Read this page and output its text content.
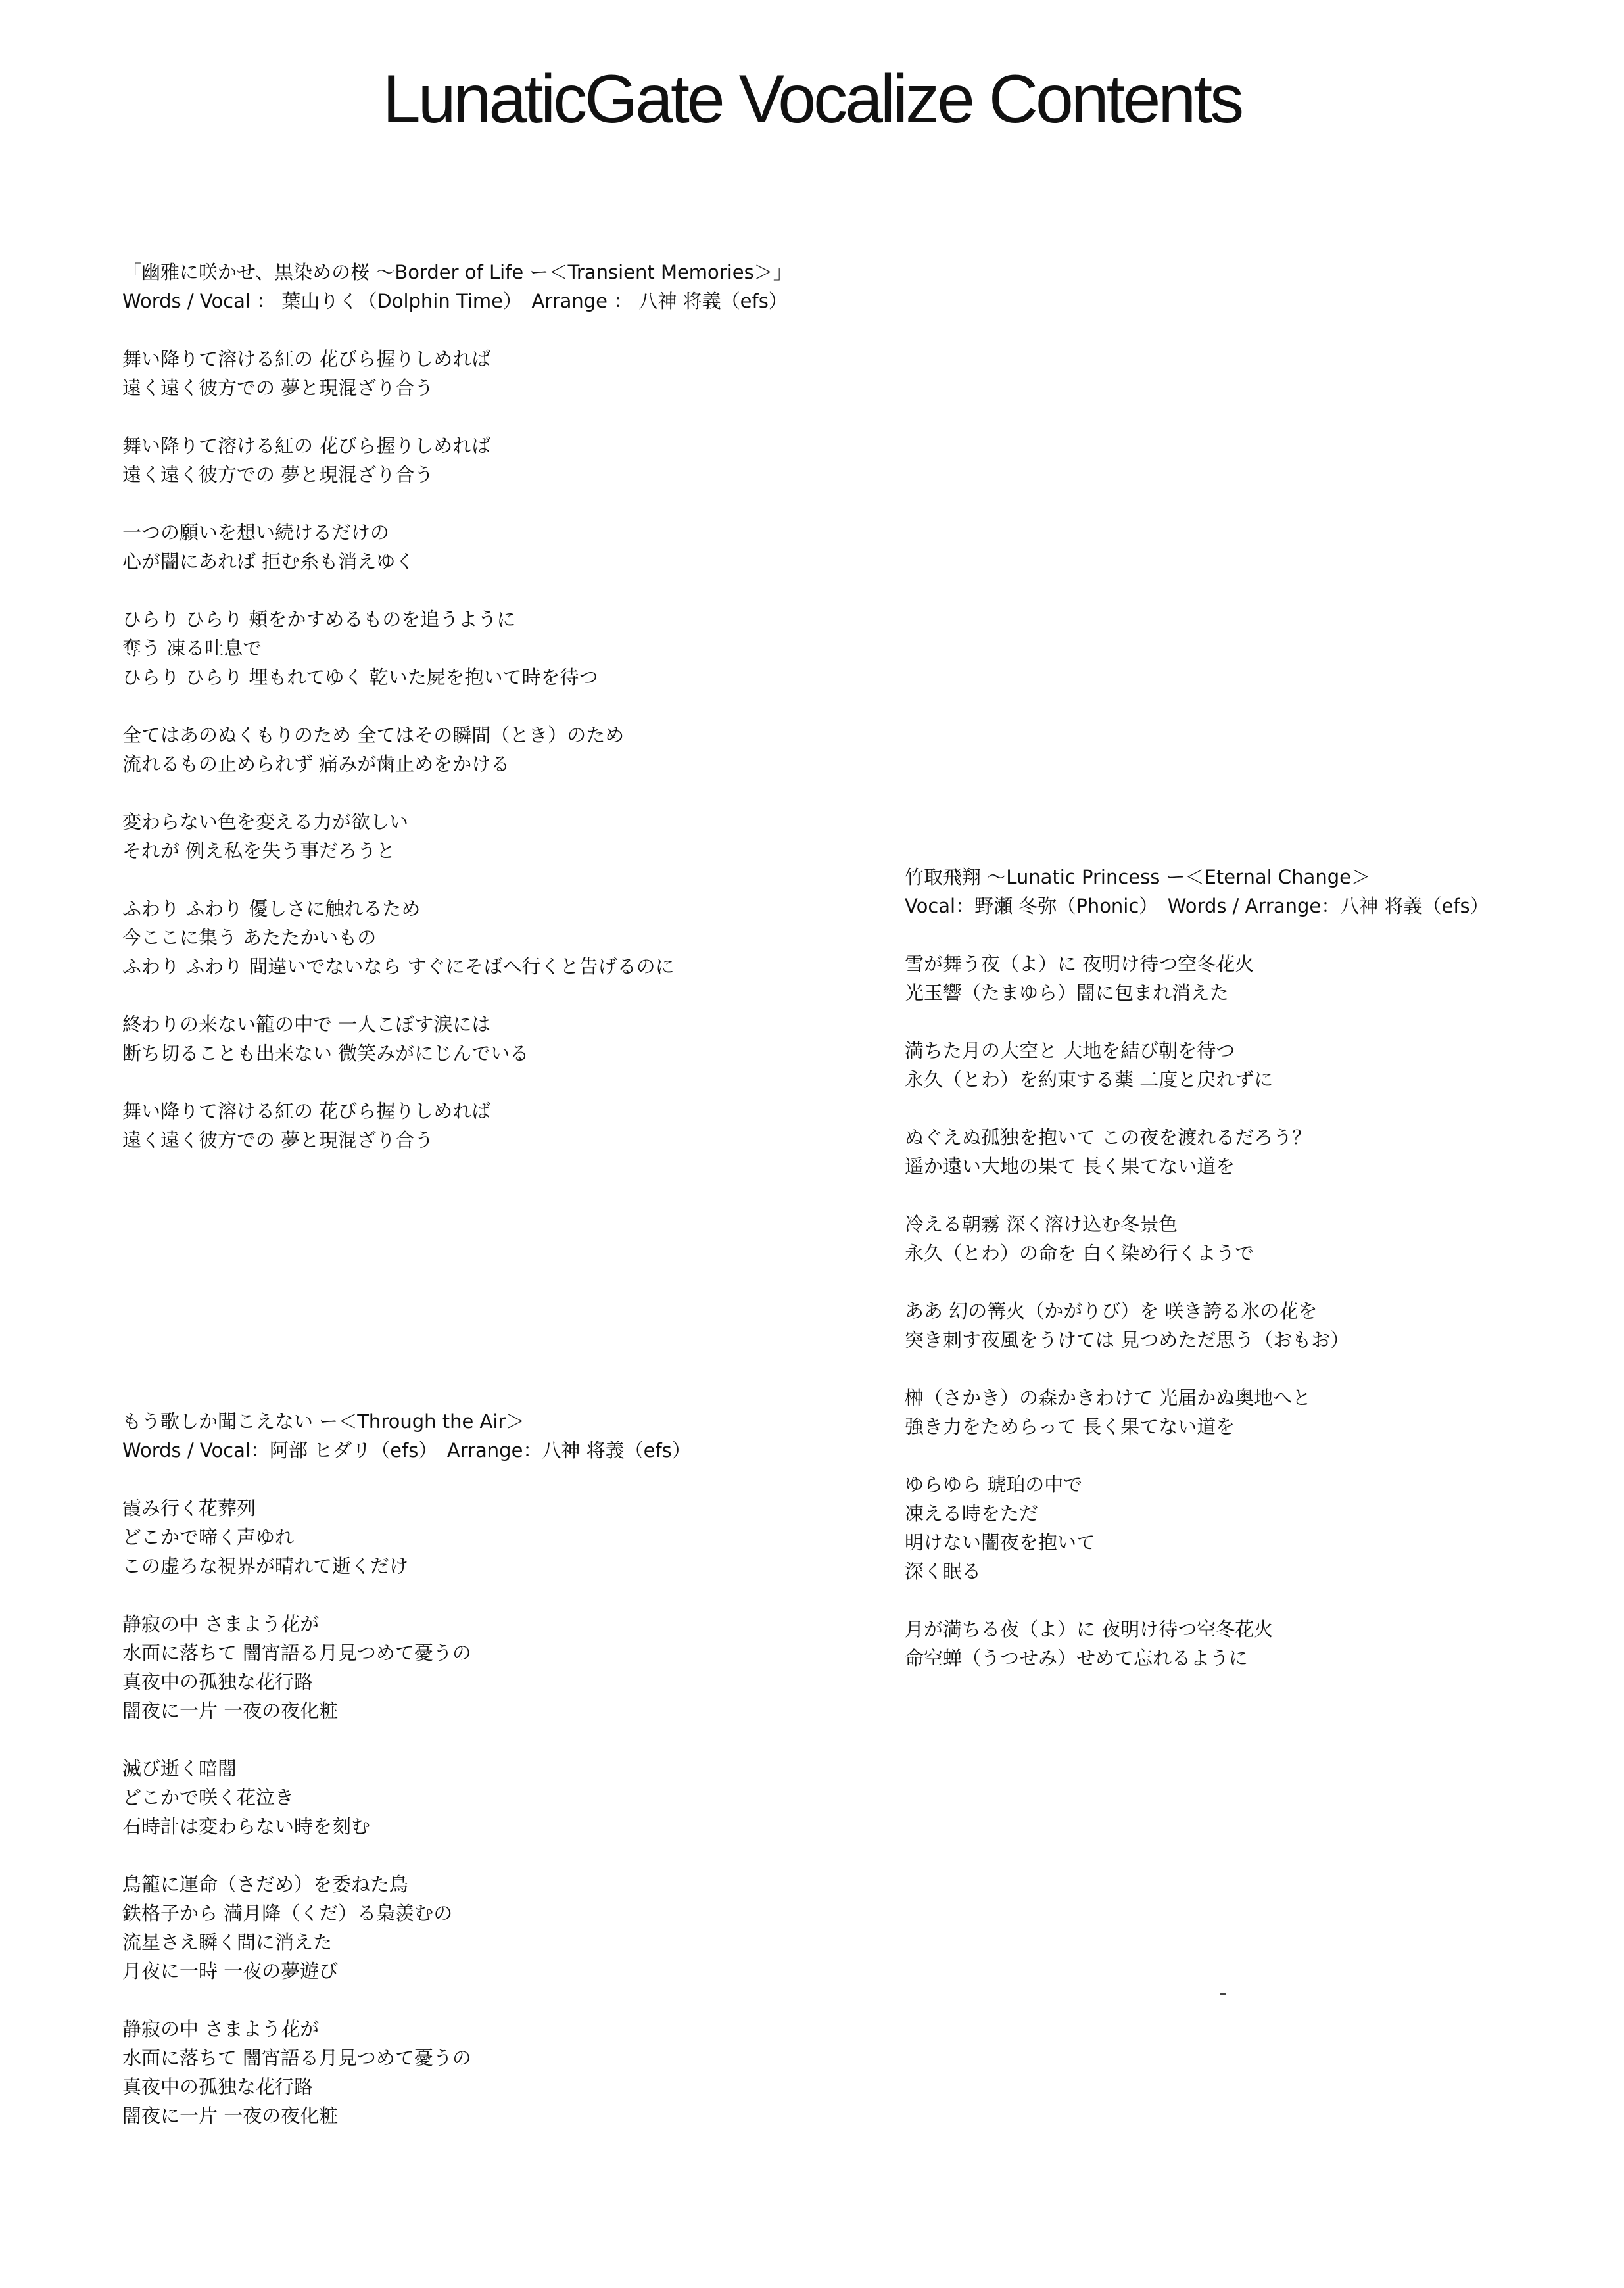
LunaticGate Vocalize Contents
「幽雅に咲かせ、黒染めの桜 ～Border of Life ー＜Transient Memories＞」
Words / Vocal ： 葉山りく（Dolphin Time）　Arrange ： 八神 将義（efs）
舞い降りて溶ける紅の 花びら握りしめれば
遠く遠く彼方での 夢と現混ざり合う
舞い降りて溶ける紅の 花びら握りしめれば
遠く遠く彼方での 夢と現混ざり合う
一つの願いを想い続けるだけの
心が闇にあれば 拒む糸も消えゆく
ひらり ひらり 頬をかすめるものを追うように
奪う 凍る吐息で
ひらり ひらり 埋もれてゆく 乾いた屍を抱いて時を待つ
全てはあのぬくもりのため 全てはその瞬間（とき）のため
流れるもの止められず 痛みが歯止めをかける
変わらない色を変える力が欲しい
それが 例え私を失う事だろうと
ふわり ふわり 優しさに触れるため
今ここに集う あたたかいもの
ふわり ふわり 間違いでないなら すぐにそばへ行くと告げるのに
終わりの来ない籠の中で 一人こぼす涙には
断ち切ることも出来ない 微笑みがにじんでいる
舞い降りて溶ける紅の 花びら握りしめれば
遠く遠く彼方での 夢と現混ざり合う
もう歌しか聞こえない ー＜Through the Air＞
Words / Vocal：阿部 ヒダリ（efs）　Arrange：八神 将義（efs）
霞み行く花葬列
どこかで啼く声ゆれ
この虚ろな視界が晴れて逝くだけ
静寂の中 さまよう花が
水面に落ちて 闇宵語る月見つめて憂うの
真夜中の孤独な花行路
闇夜に一片 一夜の夜化粧
滅び逝く暗闇
どこかで咲く花泣き
石時計は変わらない時を刻む
鳥籠に運命（さだめ）を委ねた鳥
鉄格子から 満月降（くだ）る梟羨むの
流星さえ瞬く間に消えた
月夜に一時 一夜の夢遊び
静寂の中 さまよう花が
水面に落ちて 闇宵語る月見つめて憂うの
真夜中の孤独な花行路
闇夜に一片 一夜の夜化粧
竹取飛翔 ～Lunatic Princess ー＜Eternal Change＞
Vocal：野瀬 冬弥（Phonic）　Words / Arrange：八神 将義（efs）
雪が舞う夜（よ）に 夜明け待つ空冬花火
光玉響（たまゆら）闇に包まれ消えた
満ちた月の大空と 大地を結び朝を待つ
永久（とわ）を約束する薬 二度と戻れずに
ぬぐえぬ孤独を抱いて この夜を渡れるだろう？
遥か遠い大地の果て 長く果てない道を
冷える朝霧 深く溶け込む冬景色
永久（とわ）の命を 白く染め行くようで
ああ 幻の篝火（かがりび）を 咲き誇る氷の花を
突き刺す夜風をうけては 見つめただ思う（おもお）
榊（さかき）の森かきわけて 光届かぬ奥地へと
強き力をためらって 長く果てない道を
ゆらゆら 琥珀の中で
凍える時をただ
明けない闇夜を抱いて
深く眠る
月が満ちる夜（よ）に 夜明け待つ空冬花火
命空蝉（うつせみ）せめて忘れるように
